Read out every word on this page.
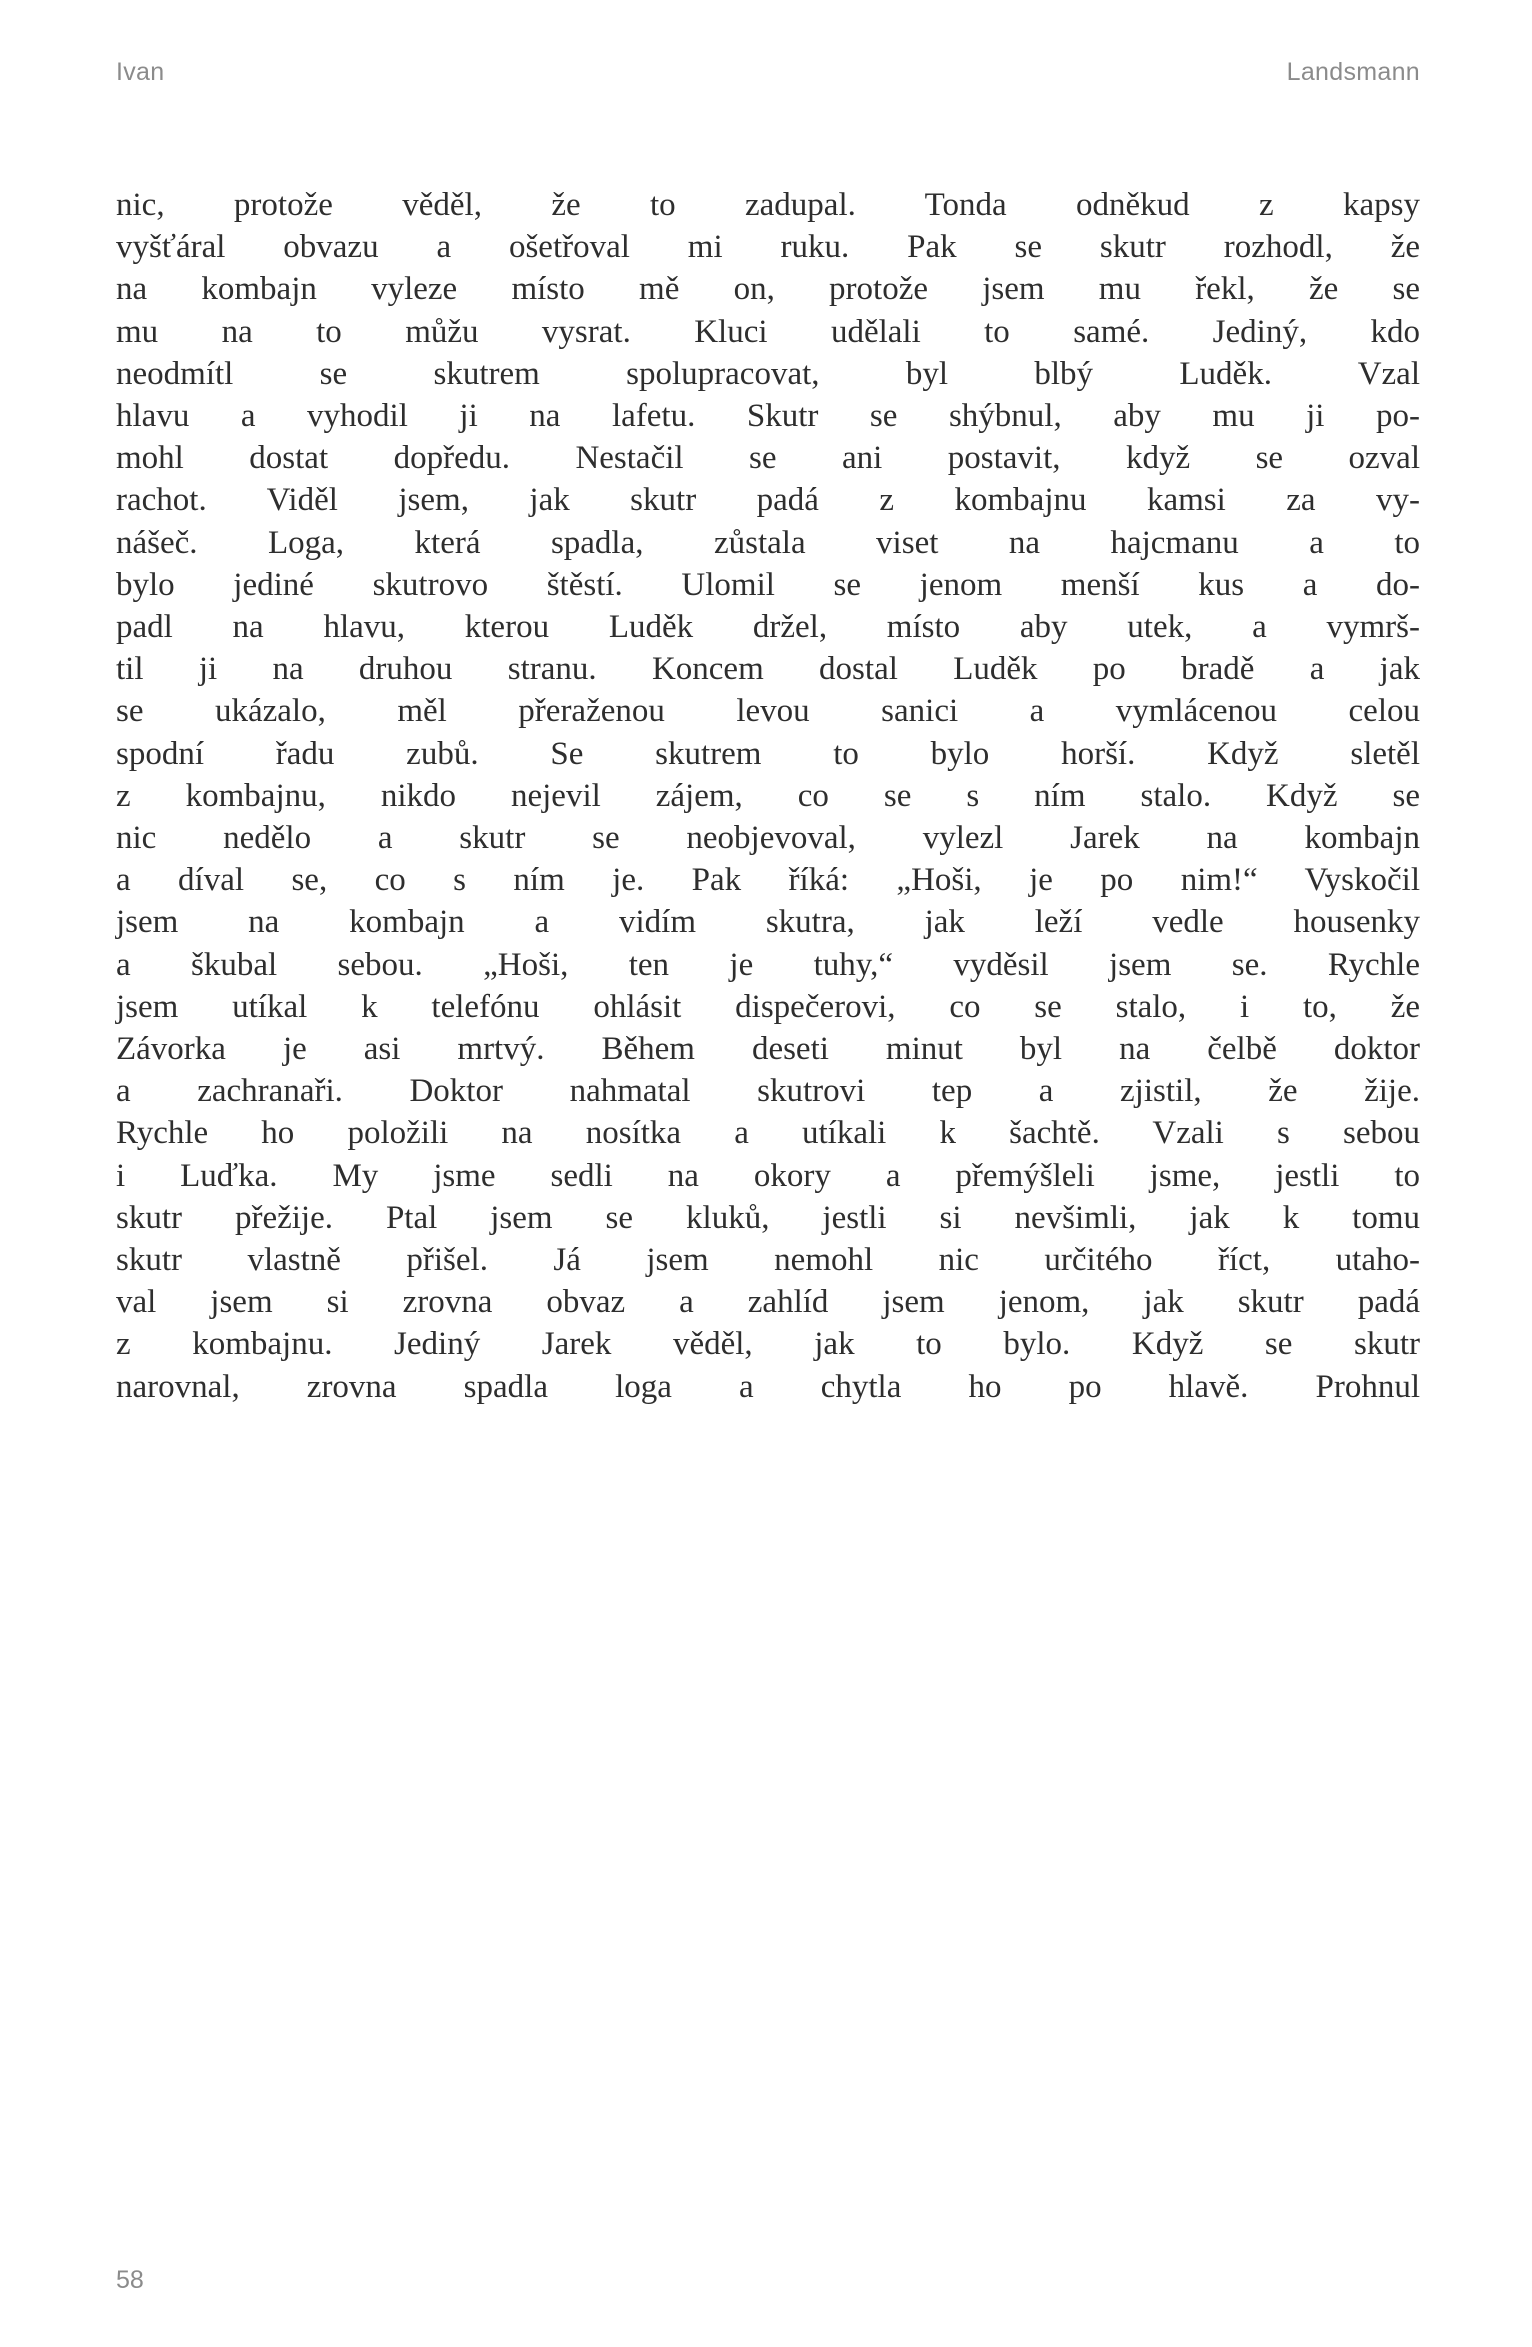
Ivan	Landsmann
nic, protože věděl, že to zadupal. Tonda odněkud z kapsy
vyšťáral obvazu a ošetřoval mi ruku. Pak se skutr rozhodl, že
na kombajn vyleze místo mě on, protože jsem mu řekl, že se
mu na to můžu vysrat. Kluci udělali to samé. Jediný, kdo
neodmítl se skutrem spolupracovat, byl blbý Luděk. Vzal
hlavu a vyhodil ji na lafetu. Skutr se shýbnul, aby mu ji po-
mohl dostat dopředu. Nestačil se ani postavit, když se ozval
rachot. Viděl jsem, jak skutr padá z kombajnu kamsi za vy-
nášeč. Loga, která spadla, zůstala viset na hajcmanu a to
bylo jediné skutrovo štěstí. Ulomil se jenom menší kus a do-
padl na hlavu, kterou Luděk držel, místo aby utek, a vymrš-
til ji na druhou stranu. Koncem dostal Luděk po bradě a jak
se ukázalo, měl přeraženou levou sanici a vymlácenou celou
spodní řadu zubů. Se skutrem to bylo horší. Když sletěl
z kombajnu, nikdo nejevil zájem, co se s ním stalo. Když se
nic nedělo a skutr se neobjevoval, vylezl Jarek na kombajn
a díval se, co s ním je. Pak říká: „Hoši, je po nim!“ Vyskočil
jsem na kombajn a vidím skutra, jak leží vedle housenky
a škubal sebou. „Hoši, ten je tuhy,“ vyděsil jsem se. Rychle
jsem utíkal k telefónu ohlásit dispečerovi, co se stalo, i to, že
Závorka je asi mrtvý. Během deseti minut byl na čelbě doktor
a zachranaři. Doktor nahmatal skutrovi tep a zjistil, že žije.
Rychle ho položili na nosítka a utíkali k šachtě. Vzali s sebou
i Luďka. My jsme sedli na okory a přemýšleli jsme, jestli to
skutr přežije. Ptal jsem se kluků, jestli si nevšimli, jak k tomu
skutr vlastně přišel. Já jsem nemohl nic určitého říct, utaho-
val jsem si zrovna obvaz a zahlíd jsem jenom, jak skutr padá
z kombajnu. Jediný Jarek věděl, jak to bylo. Když se skutr
narovnal, zrovna spadla loga a chytla ho po hlavě. Prohnul
58
